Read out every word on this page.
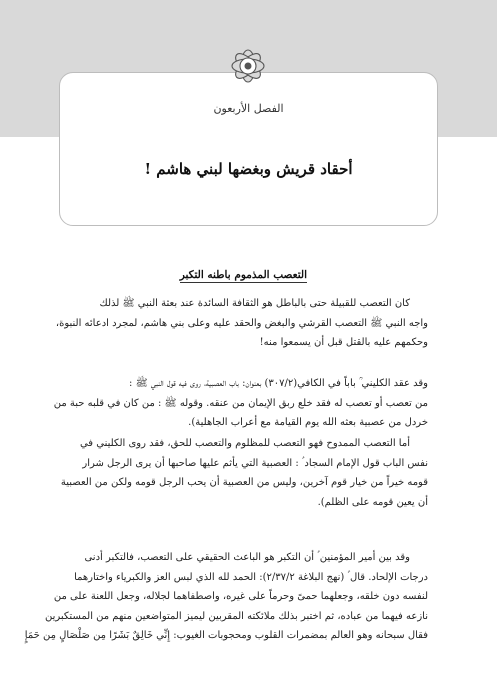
الفصل الأربعون
أحقاد قريش وبغضها لبني هاشم !
التعصب المذموم باطنه التكبر
كان التعصب للقبيلة حتى بالباطل هو الثقافة السائدة عند بعثة النبي ﷺ لذلك
واجه النبي ﷺ التعصب القرشي والبغض والحقد عليه وعلى بني هاشم، لمجرد ادعائه النبوة،
وحكمهم عليه بالقتل قبل أن يسمعوا منه!
وقد عقد الكليني ؒ باباً في الكافي(٣٠٧/٢) بعنوان: باب العصبية، روى فيه قول النبي ﷺ :
من تعصب أو تعصب له فقد خلع ربق الإيمان من عنقه. وقوله ﷺ : من كان في قلبه حبة من
خردل من عصبية بعثه الله يوم القيامة مع أعراب الجاهلية).
أما التعصب الممدوح فهو التعصب للمظلوم والتعصب للحق، فقد روى الكليني في
نفس الباب قول الإمام السجاد ؑ : العصبية التي يأثم عليها صاحبها أن يرى الرجل شرار
قومه خيراً من خيار قوم آخرين، وليس من العصبية أن يحب الرجل قومه ولكن من العصبية
أن يعين قومه على الظلم).
وقد بين أمير المؤمنين ؑ أن التكبر هو الباعث الحقيقي على التعصب، فالتكبر أدنى
درجات الإلحاد. قال ؑ (نهج البلاغة ٢/٣٧/٢): الحمد لله الذي لبس العز والكبرياء واختارهما
لنفسه دون خلقه، وجعلهما حمىً وحرماً على غيره، واصطفاهما لجلاله، وجعل اللعنة على من
نازعه فيهما من عباده، ثم اختبر بذلك ملائكته المقربين ليميز المتواضعين منهم من المستكبرين
فقال سبحانه وهو العالم بمضمرات القلوب ومحجوبات الغيوب: إِنِّي خَالِقٌ بَشَرًا مِن صَلْصَالٍ مِن حَمَإٍ
